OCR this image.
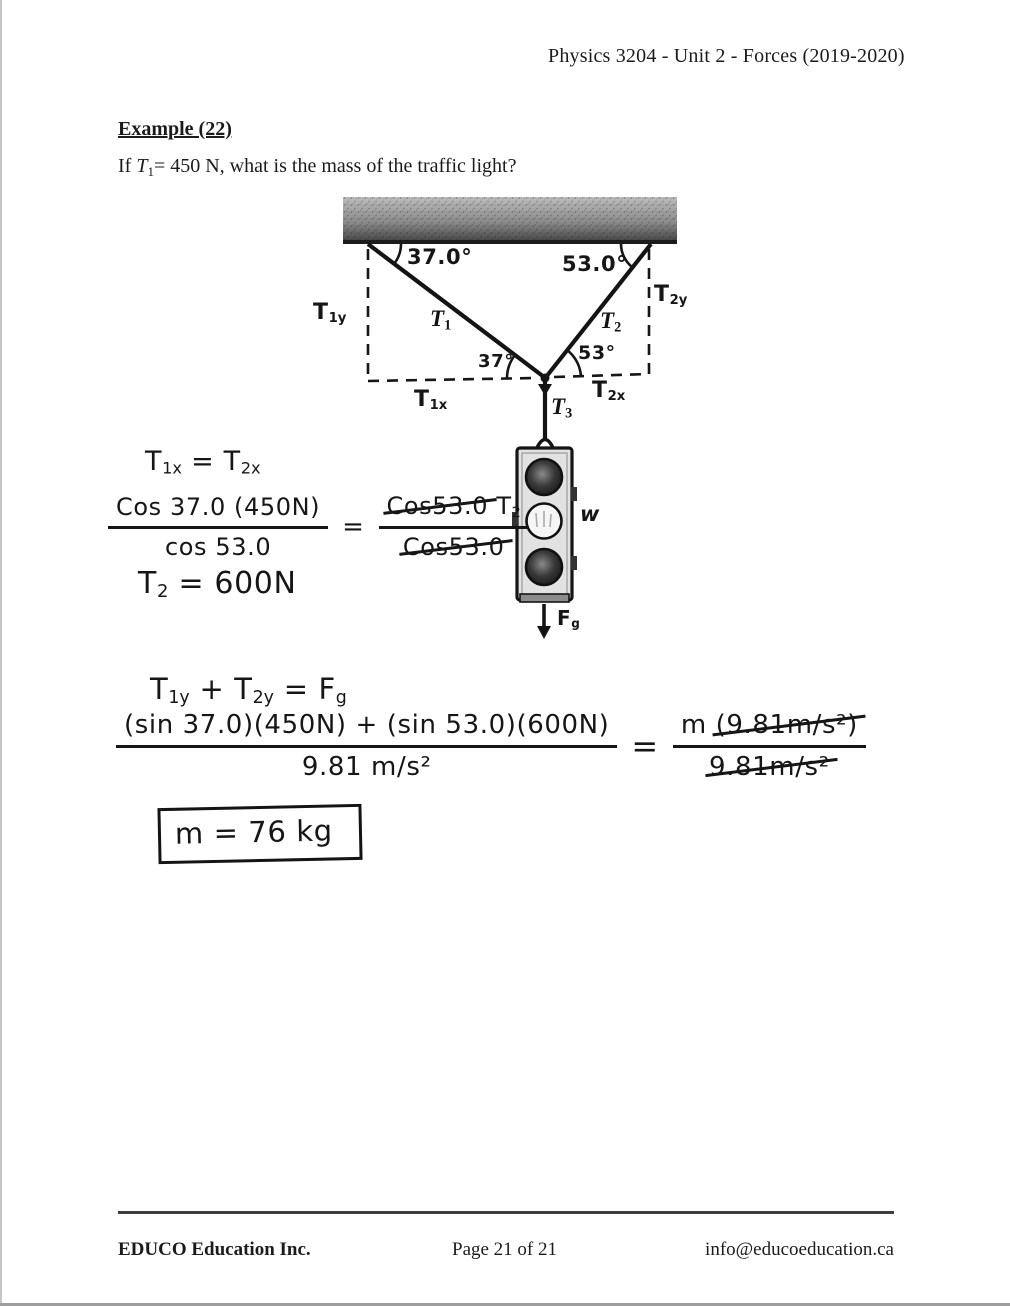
Physics 3204 - Unit 2 - Forces (2019-2020)
Example (22)
If $T_1= 450$ N, what is the mass of the traffic light?
37.0°	53.0°
$T_{1y}$	$T_1$	$T_2$
$T_{2y}$
37°	53°
$T_{1x}$
$T_{2x}$
$T_3$
w
$F_g$
$T_{1x} = T_{2x}$
$\frac{\text{Cos 37.0 (450N)}}{\cos 53.0} = \frac{Cos53.0 T_2}{\text{Cos53.0}}$
$T_2 = 600N$
$T_{1y} + T_{2y} = F_g$
$\frac{(\sin 37.0)(450N) + (\sin 53.0)(600N)}{\text{9.81 m/s²}} = \frac{\text{m (9.81m/s²)}}{\text{9.81m/s²}}$
m = 76 kg
EDUCO Education Inc.	Page 21 of 21	info@educoeducation.ca
